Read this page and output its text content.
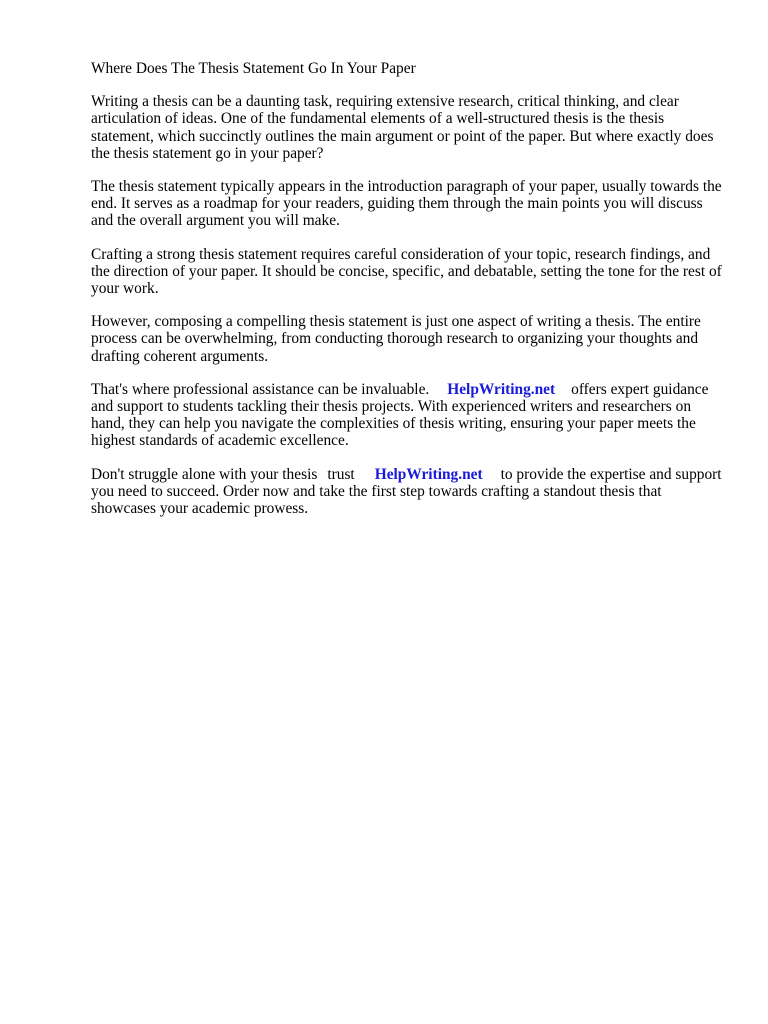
Where Does The Thesis Statement Go In Your Paper

Writing a thesis can be a daunting task, requiring extensive research, critical thinking, and clear articulation of ideas. One of the fundamental elements of a well-structured thesis is the thesis statement, which succinctly outlines the main argument or point of the paper. But where exactly does the thesis statement go in your paper?

The thesis statement typically appears in the introduction paragraph of your paper, usually towards the end. It serves as a roadmap for your readers, guiding them through the main points you will discuss and the overall argument you will make.

Crafting a strong thesis statement requires careful consideration of your topic, research findings, and the direction of your paper. It should be concise, specific, and debatable, setting the tone for the rest of your work.

However, composing a compelling thesis statement is just one aspect of writing a thesis. The entire process can be overwhelming, from conducting thorough research to organizing your thoughts and drafting coherent arguments.

That's where professional assistance can be invaluable. HelpWriting.net offers expert guidance and support to students tackling their thesis projects. With experienced writers and researchers on hand, they can help you navigate the complexities of thesis writing, ensuring your paper meets the highest standards of academic excellence.

Don't struggle alone with your thesis trust HelpWriting.net to provide the expertise and support you need to succeed. Order now and take the first step towards crafting a standout thesis that showcases your academic prowess.
